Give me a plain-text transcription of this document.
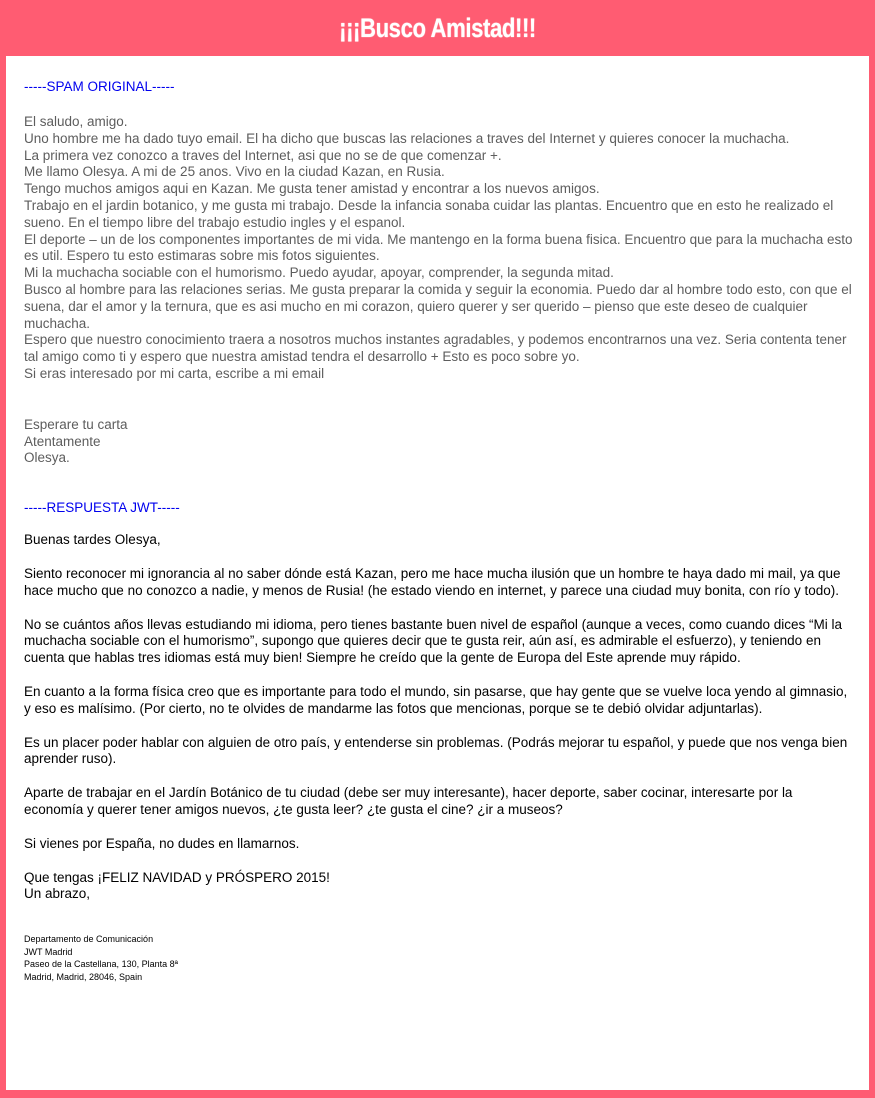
¡¡¡Busco Amistad!!!

-----SPAM ORIGINAL-----

El saludo, amigo.

Uno hombre me ha dado tuyo email. El ha dicho que buscas las relaciones a traves del Internet y quieres conocer la muchacha.

La primera vez conozco a traves del Internet, asi que no se de que comenzar +.

Me llamo Olesya. A mi de 25 anos. Vivo en la ciudad Kazan, en Rusia.

Tengo muchos amigos aqui en Kazan. Me gusta tener amistad y encontrar a los nuevos amigos.

Trabajo en el jardin botanico, y me gusta mi trabajo. Desde la infancia sonaba cuidar las plantas. Encuentro que en esto he realizado el sueno. En el tiempo libre del trabajo estudio ingles y el espanol.

El deporte – un de los componentes importantes de mi vida. Me mantengo en la forma buena fisica. Encuentro que para la muchacha esto es util. Espero tu esto estimaras sobre mis fotos siguientes.

Mi la muchacha sociable con el humorismo. Puedo ayudar, apoyar, comprender, la segunda mitad.

Busco al hombre para las relaciones serias. Me gusta preparar la comida y seguir la economia. Puedo dar al hombre todo esto, con que el suena, dar el amor y la ternura, que es asi mucho en mi corazon, quiero querer y ser querido – pienso que este deseo de cualquier muchacha.

Espero que nuestro conocimiento traera a nosotros muchos instantes agradables, y podemos encontrarnos una vez. Seria contenta tener tal amigo como ti y espero que nuestra amistad tendra el desarrollo + Esto es poco sobre yo.

Si eras interesado por mi carta, escribe a mi email

Esperare tu carta

Atentamente

Olesya.

-----RESPUESTA JWT-----

Buenas tardes Olesya,

Siento reconocer mi ignorancia al no saber dónde está Kazan, pero me hace mucha ilusión que un hombre te haya dado mi mail, ya que hace mucho que no conozco a nadie, y menos de Rusia! (he estado viendo en internet, y parece una ciudad muy bonita, con río y todo).

No se cuántos años llevas estudiando mi idioma, pero tienes bastante buen nivel de español (aunque a veces, como cuando dices “Mi la muchacha sociable con el humorismo”, supongo que quieres decir que te gusta reir, aún así, es admirable el esfuerzo), y teniendo en cuenta que hablas tres idiomas está muy bien! Siempre he creído que la gente de Europa del Este aprende muy rápido.

En cuanto a la forma física creo que es importante para todo el mundo, sin pasarse, que hay gente que se vuelve loca yendo al gimnasio, y eso es malísimo. (Por cierto, no te olvides de mandarme las fotos que mencionas, porque se te debió olvidar adjuntarlas).

Es un placer poder hablar con alguien de otro país, y entenderse sin problemas. (Podrás mejorar tu español, y puede que nos venga bien aprender ruso).

Aparte de trabajar en el Jardín Botánico de tu ciudad (debe ser muy interesante), hacer deporte, saber cocinar, interesarte por la economía y querer tener amigos nuevos, ¿te gusta leer? ¿te gusta el cine? ¿ir a museos?

Si vienes por España, no dudes en llamarnos.

Que tengas ¡FELIZ NAVIDAD y PRÓSPERO 2015!

Un abrazo,

Departamento de Comunicación

JWT Madrid

Paseo de la Castellana, 130, Planta 8ª

Madrid, Madrid, 28046, Spain
